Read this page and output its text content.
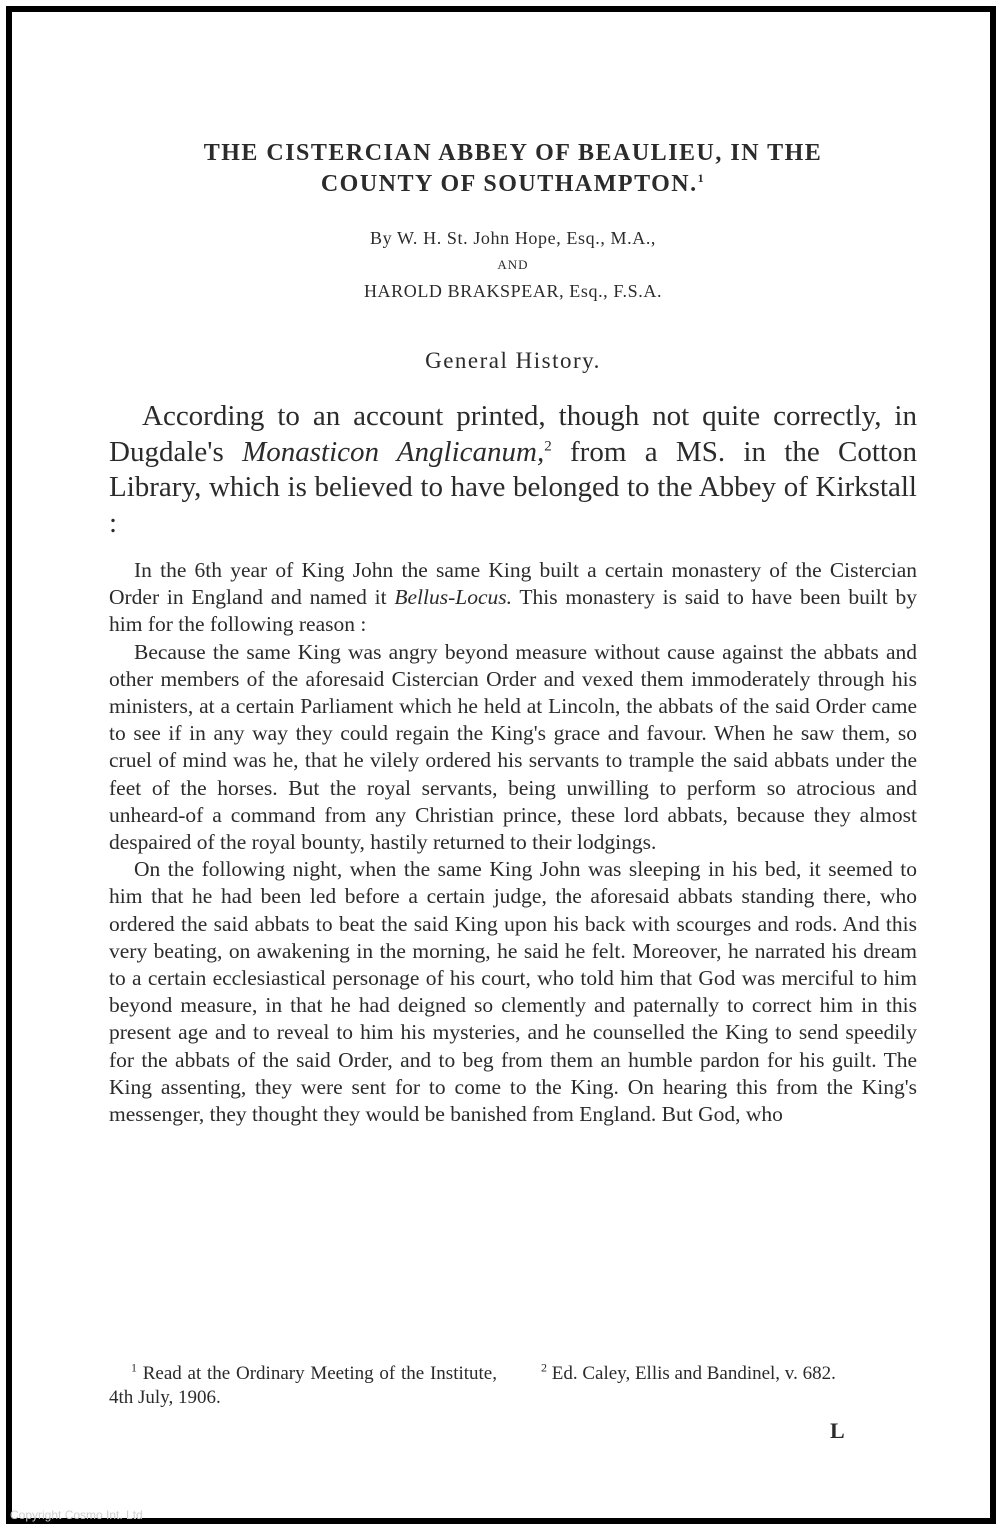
THE CISTERCIAN ABBEY OF BEAULIEU, IN THE
COUNTY OF SOUTHAMPTON.$^1$
By W. H. St. John Hope, Esq., M.A.,
AND
HAROLD BRAKSPEAR, Esq., F.S.A.
General History.
According to an account printed, though not quite correctly, in Dugdale's Monasticon Anglicanum,$^2$ from a MS. in the Cotton Library, which is believed to have belonged to the Abbey of Kirkstall :

In the 6th year of King John the same King built a certain monastery of the Cistercian Order in England and named it Bellus-Locus. This monastery is said to have been built by him for the following reason :

Because the same King was angry beyond measure without cause against the abbats and other members of the aforesaid Cistercian Order and vexed them immoderately through his ministers, at a certain Parliament which he held at Lincoln, the abbats of the said Order came to see if in any way they could regain the King's grace and favour. When he saw them, so cruel of mind was he, that he vilely ordered his servants to trample the said abbats under the feet of the horses. But the royal servants, being unwilling to perform so atrocious and unheard-of a command from any Christian prince, these lord abbats, because they almost despaired of the royal bounty, hastily returned to their lodgings.

On the following night, when the same King John was sleeping in his bed, it seemed to him that he had been led before a certain judge, the aforesaid abbats standing there, who ordered the said abbats to beat the said King upon his back with scourges and rods. And this very beating, on awakening in the morning, he said he felt. Moreover, he narrated his dream to a certain ecclesiastical personage of his court, who told him that God was merciful to him beyond measure, in that he had deigned so clemently and paternally to correct him in this present age and to reveal to him his mysteries, and he counselled the King to send speedily for the abbats of the said Order, and to beg from them an humble pardon for his guilt. The King assenting, they were sent for to come to the King. On hearing this from the King's messenger, they thought they would be banished from England. But God, who

$^1$ Read at the Ordinary Meeting of the Institute, 4th July, 1906.
$^2$ Ed. Caley, Ellis and Bandinel, v. 682.
L
Copyright Cosmo Int. Ltd
